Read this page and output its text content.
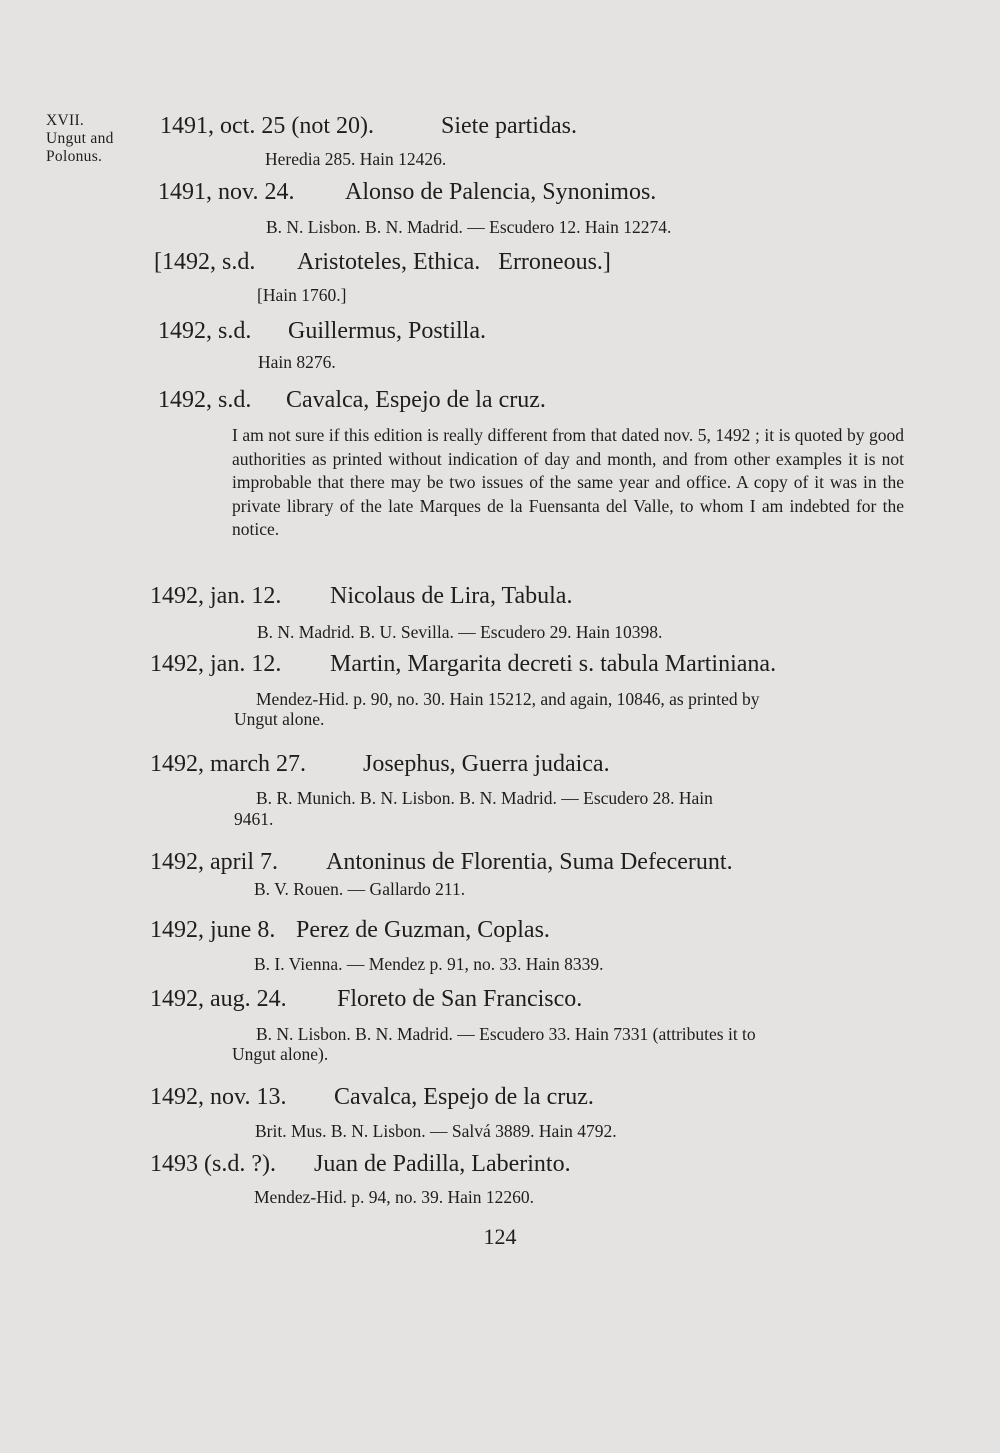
XVII.
Ungut and
Polonus.
1491, oct. 25 (not 20).	Siete partidas.
Heredia 285. Hain 12426.
1491, nov. 24. Alonso de Palencia, Synonimos.
B. N. Lisbon. B. N. Madrid. — Escudero 12. Hain 12274.
[1492, s.d. Aristoteles, Ethica.   Erroneous.]
[Hain 1760.]
1492, s.d. Guillermus, Postilla.
Hain 8276.
1492, s.d. Cavalca, Espejo de la cruz.
I am not sure if this edition is really different from that dated nov. 5, 1492 ; it is quoted by good authorities as printed without indication of day and month, and from other examples it is not improbable that there may be two issues of the same year and office. A copy of it was in the private library of the late Marques de la Fuensanta del Valle, to whom I am indebted for the notice.
1492, jan. 12. Nicolaus de Lira, Tabula.
B. N. Madrid. B. U. Sevilla. — Escudero 29. Hain 10398.
1492, jan. 12. Martin, Margarita decreti s. tabula Martiniana.
Mendez-Hid. p. 90, no. 30. Hain 15212, and again, 10846, as printed by
Ungut alone.
1492, march 27. Josephus, Guerra judaica.
B. R. Munich. B. N. Lisbon. B. N. Madrid. — Escudero 28. Hain
9461.
1492, april 7. Antoninus de Florentia, Suma Defecerunt.
B. V. Rouen. — Gallardo 211.
1492, june 8. Perez de Guzman, Coplas.
B. I. Vienna. — Mendez p. 91, no. 33. Hain 8339.
1492, aug. 24. Floreto de San Francisco.
B. N. Lisbon. B. N. Madrid. — Escudero 33. Hain 7331 (attributes it to
Ungut alone).
1492, nov. 13. Cavalca, Espejo de la cruz.
Brit. Mus. B. N. Lisbon. — Salvá 3889. Hain 4792.
1493 (s.d. ?). Juan de Padilla, Laberinto.
Mendez-Hid. p. 94, no. 39. Hain 12260.
124
